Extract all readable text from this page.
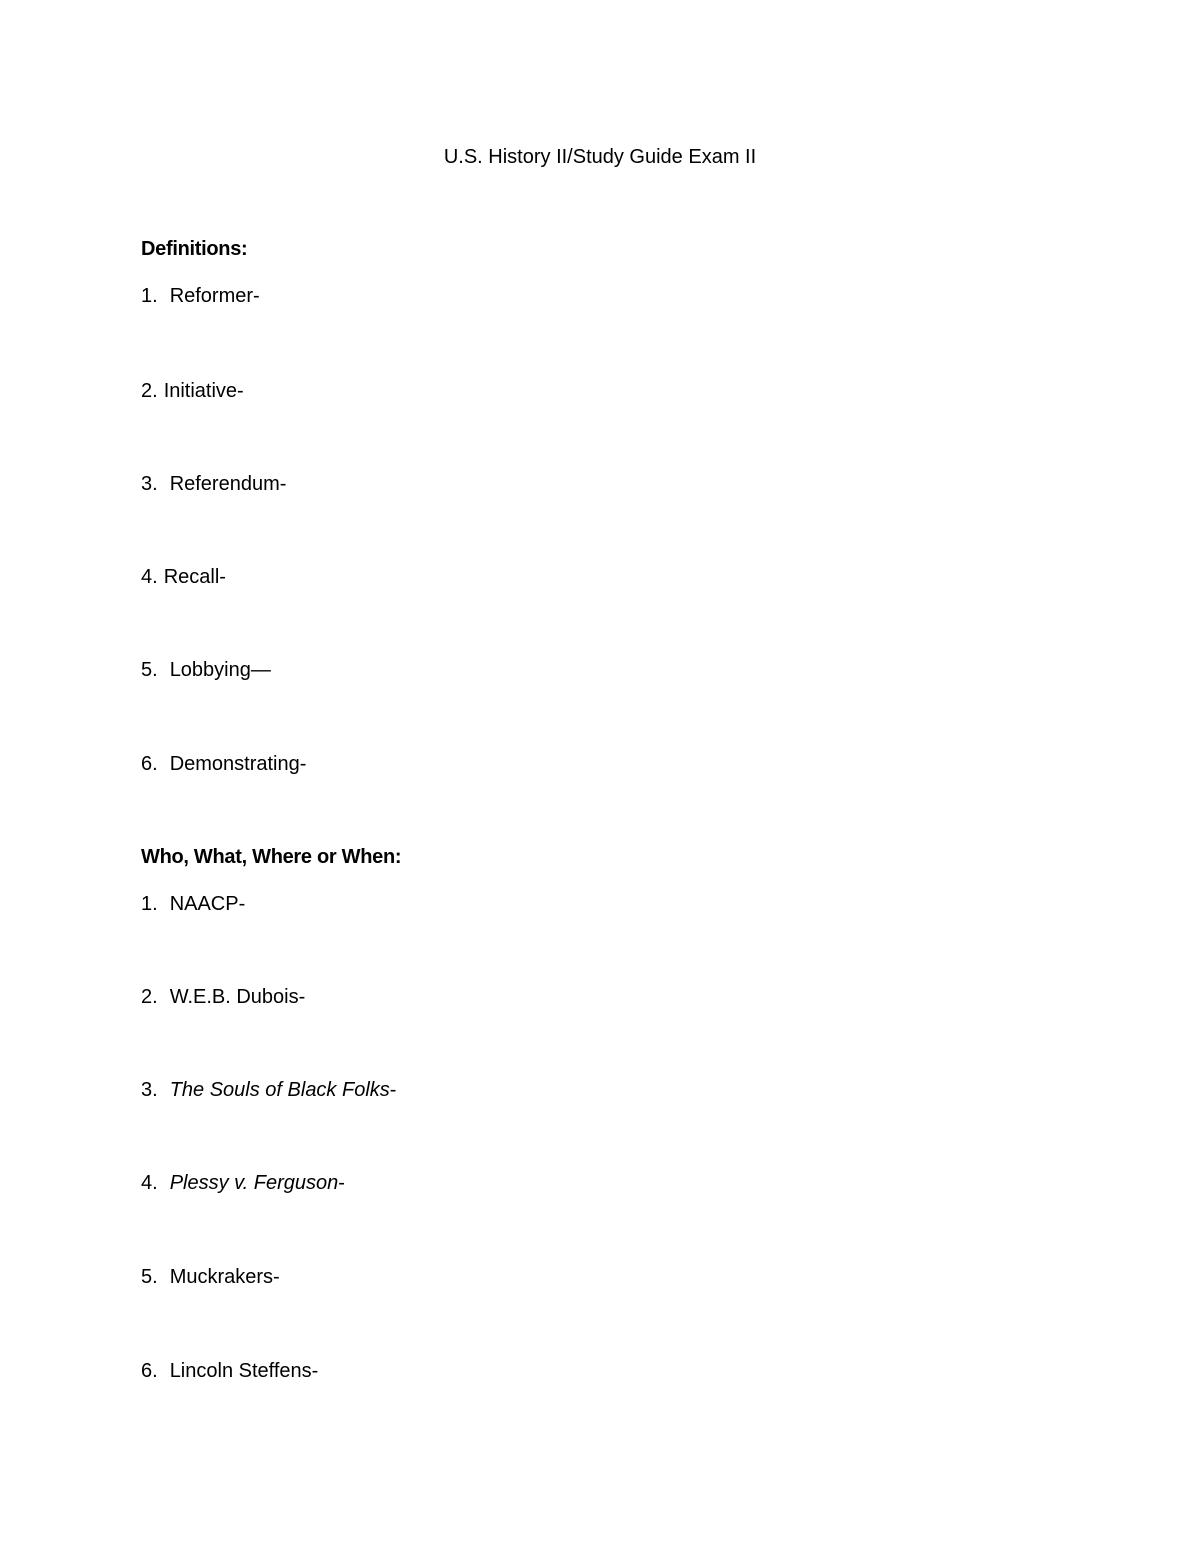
U.S. History II/Study Guide Exam II
Definitions:
1. Reformer-
2. Initiative-
3. Referendum-
4. Recall-
5. Lobbying—
6. Demonstrating-
Who, What, Where or When:
1. NAACP-
2. W.E.B. Dubois-
3. The Souls of Black Folks-
4. Plessy v. Ferguson-
5. Muckrakers-
6. Lincoln Steffens-
